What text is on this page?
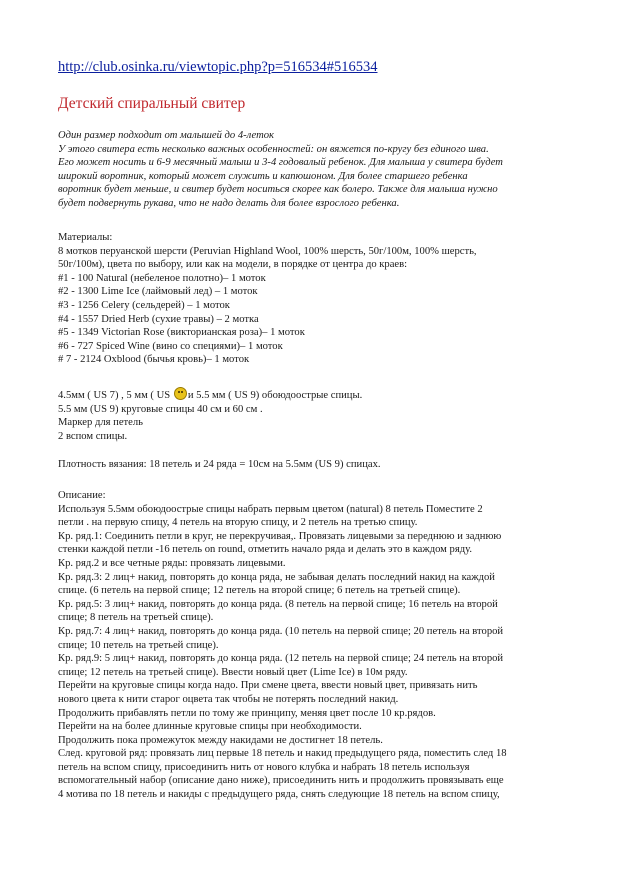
http://club.osinka.ru/viewtopic.php?p=516534#516534
Детский спиральный свитер
Один размер подходит от малышей до 4-леток
У этого свитера есть несколько важных особенностей: он вяжется по-кругу без единого шва.
Его может носить и 6-9 месячный малыш и 3-4 годовалый ребенок. Для малыша у свитера будет
широкий воротник, который может служить и капюшоном. Для более старшего ребенка
воротник будет меньше, и свитер будет носиться скорее как болеро. Также для малыша нужно
будет подвернуть рукава, что не надо делать для более взрослого ребенка.
Материалы:
8 мотков перуанской шерсти (Peruvian Highland Wool, 100% шерсть, 50г/100м, 100% шерсть,
50г/100м), цвета по выбору, или как на модели, в порядке от центра до краев:
#1 - 100 Natural (небеленое полотно)– 1 моток
#2 - 1300 Lime Ice (лаймовый лед) – 1 моток
#3 - 1256 Celery (сельдерей) – 1 моток
#4 - 1557 Dried Herb (сухие травы) – 2 мотка
#5 - 1349 Victorian Rose (викторианская роза)– 1 моток
#6 - 727 Spiced Wine (вино со специями)– 1 моток
# 7 - 2124 Oxblood (бычья кровь)– 1 моток
4.5мм ( US 7) , 5 мм ( US и 5.5 мм ( US 9) обоюдоострые спицы.
5.5 мм (US 9) круговые спицы 40 см и 60 см .
Маркер для петель
2 вспом спицы.
Плотность вязания: 18 петель и 24 ряда = 10см на 5.5мм (US 9) спицах.
Описание:
Используя 5.5мм обоюдоострые спицы набрать первым цветом (natural) 8 петель Поместите 2
петли . на первую спицу, 4 петель на вторую спицу, и 2 петель на третью спицу.
Кр. ряд.1: Соединить петли в круг, не перекручивая,. Провязать лицевыми за переднюю и заднюю
стенки каждой петли -16 петель on round, отметить начало ряда и делать это в каждом ряду.
Кр. ряд.2 и все четные ряды: провязать лицевыми.
Кр. ряд.3: 2 лиц+ накид, повторять до конца ряда, не забывая делать последний накид на каждой
спице. (6 петель на первой спице; 12 петель на второй спице; 6 петель на третьей спице).
Кр. ряд.5: 3 лиц+ накид, повторять до конца ряда. (8 петель на первой спице; 16 петель на второй
спице; 8 петель на третьей спице).
Кр. ряд.7: 4 лиц+ накид, повторять до конца ряда. (10 петель на первой спице; 20 петель на второй
спице; 10 петель на третьей спице).
Кр. ряд.9: 5 лиц+ накид, повторять до конца ряда. (12 петель на первой спице; 24 петель на второй
спице; 12 петель на третьей спице). Ввести новый цвет (Lime Ice) в 10м ряду.
Перейти на круговые спицы когда надо. При смене цвета, ввести новый цвет, привязать нить
нового цвета к нити старог оцвета так чтобы не потерять последний накид.
Продолжить прибавлять петли по тому же принципу, меняя цвет после 10 кр.рядов.
Перейти на на более длинные круговые спицы при необходимости.
Продолжить пока промежуток между накидами не достигнет 18 петель.
След. круговой ряд: провязать лиц первые 18 петель и накид предыдущего ряда, поместить след 18
петель на вспом спицу, присоединить нить от нового клубка и набрать 18 петель используя
вспомогательный набор (описание дано ниже), присоединить нить и продолжить провязывать еще
4 мотива по 18 петель и накиды с предыдущего ряда, снять следующие 18 петель на вспом спицу,
